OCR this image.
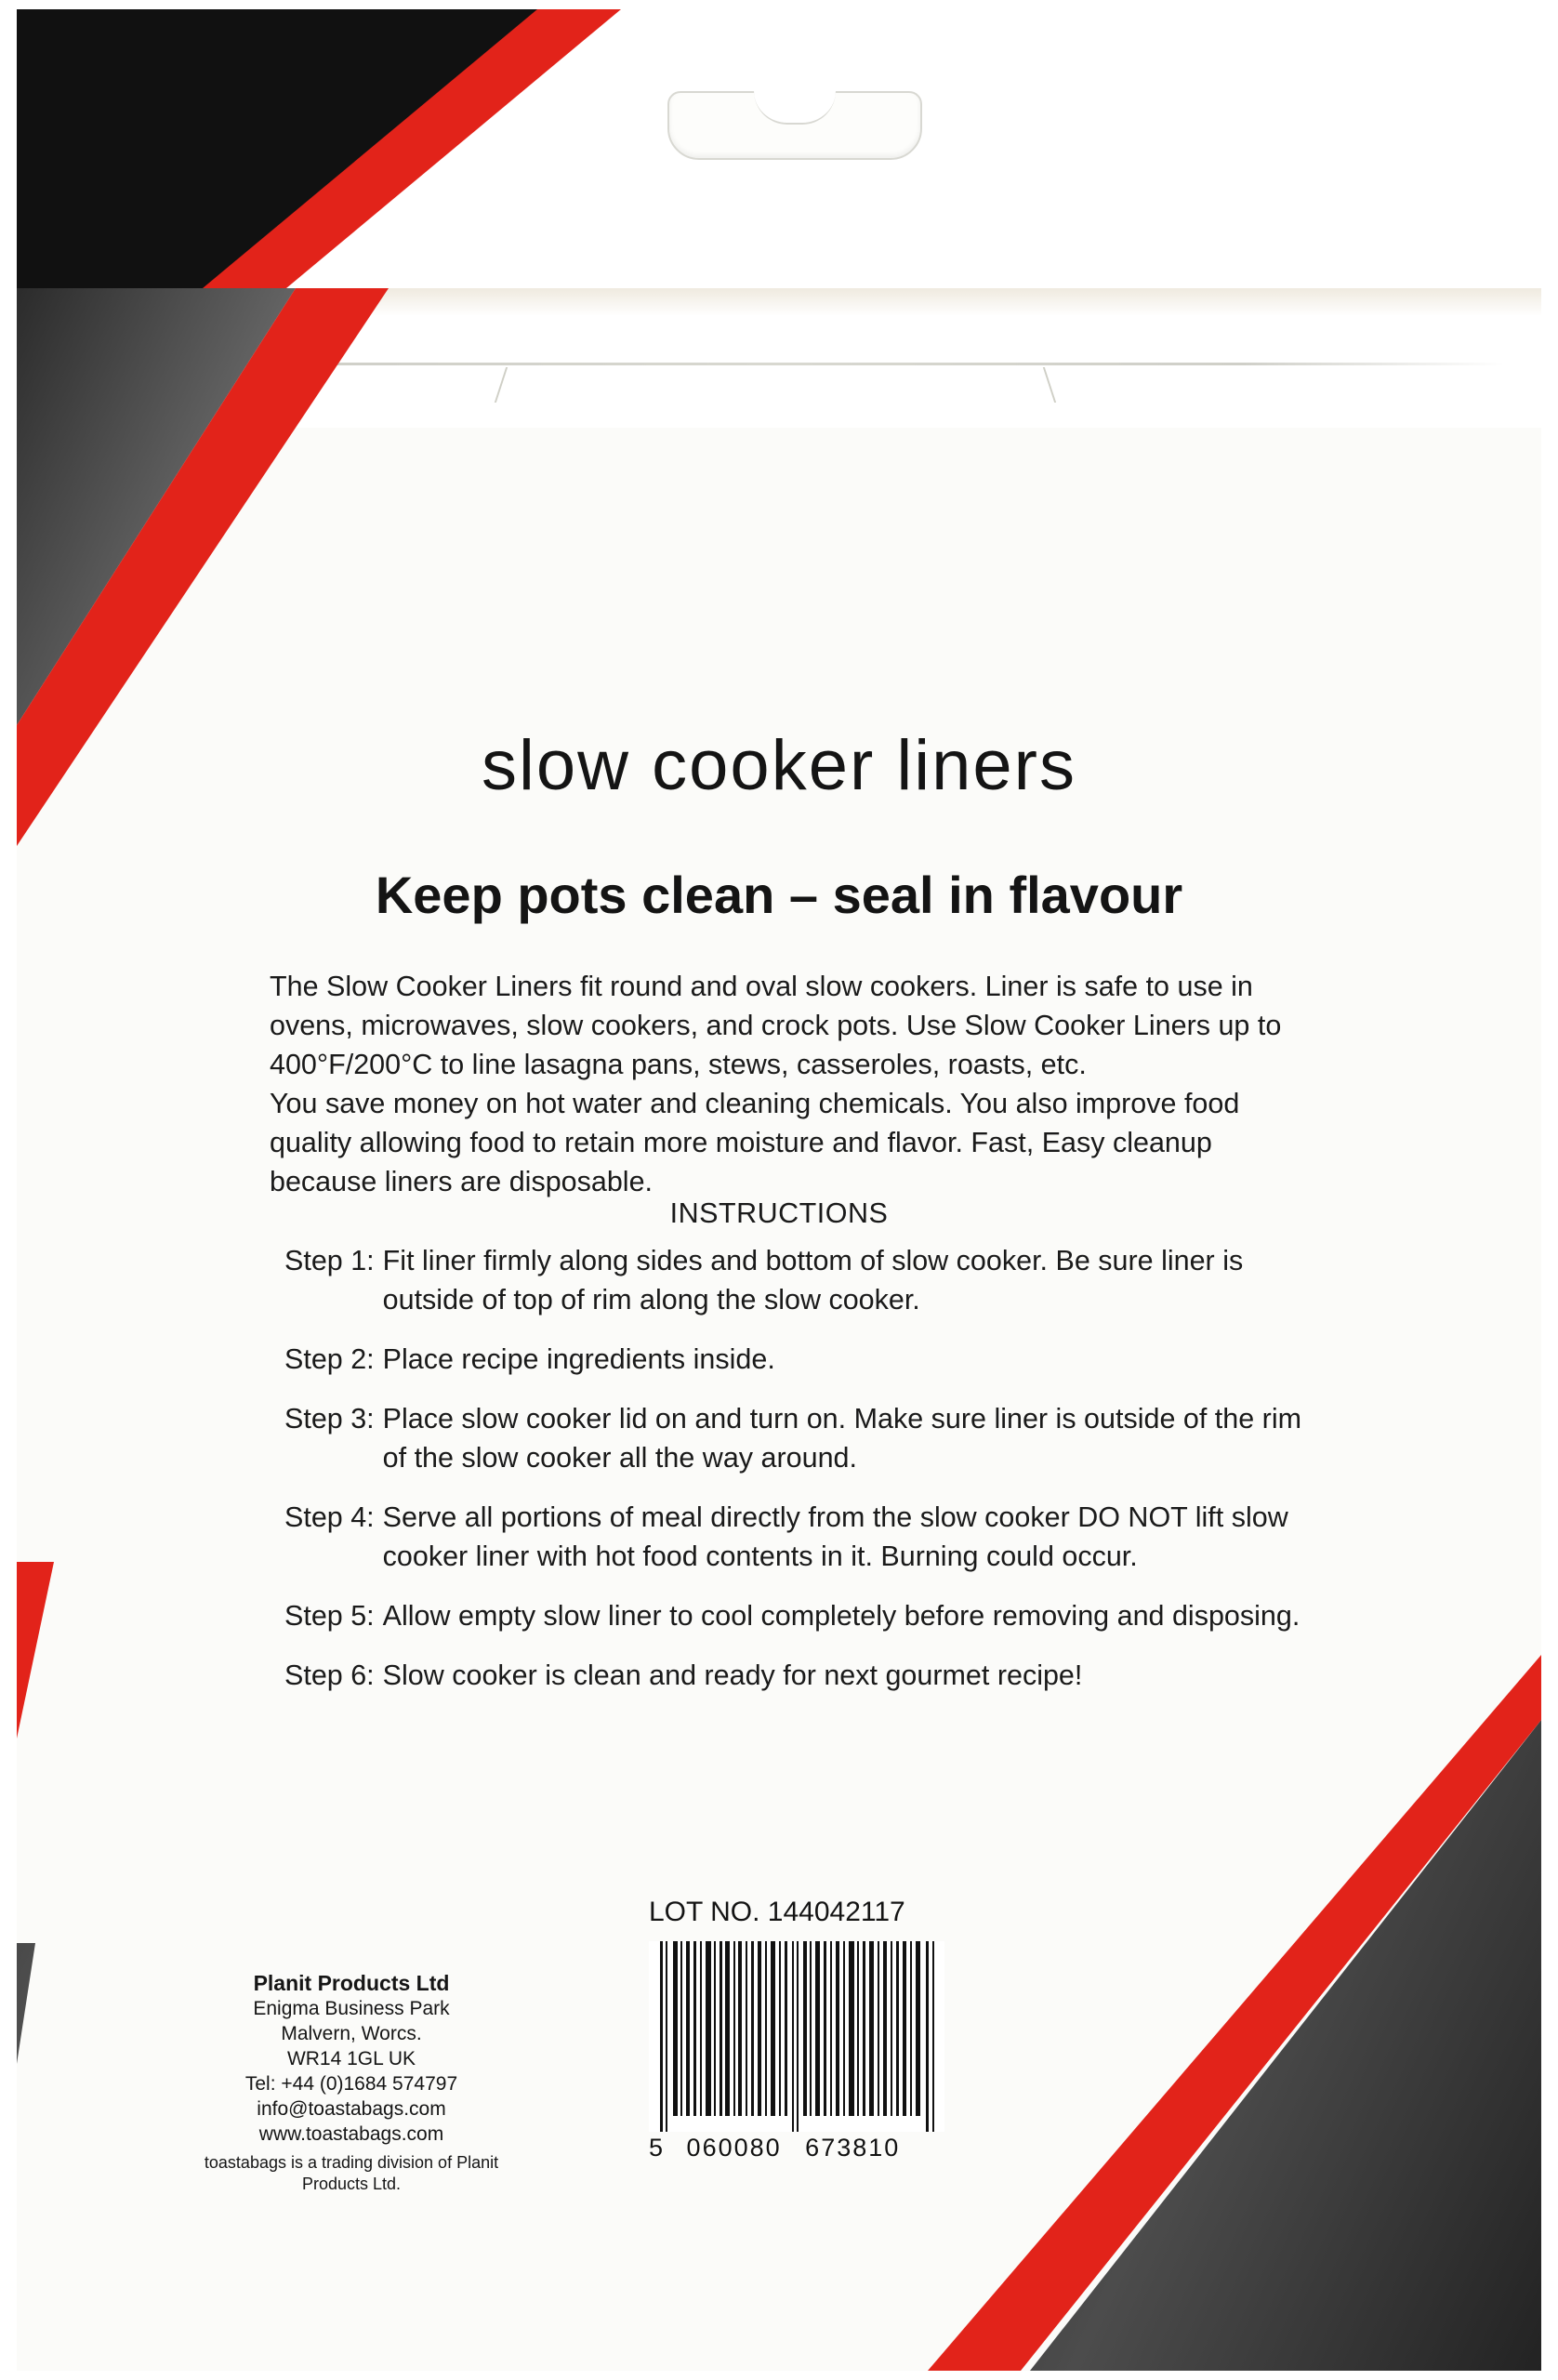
slow cooker liners
Keep pots clean – seal in flavour

The Slow Cooker Liners fit round and oval slow cookers. Liner is safe to use in ovens, microwaves, slow cookers, and crock pots. Use Slow Cooker Liners up to 400°F/200°C to line lasagna pans, stews, casseroles, roasts, etc.

You save money on hot water and cleaning chemicals. You also improve food quality allowing food to retain more moisture and flavor. Fast, Easy cleanup because liners are disposable.

INSTRUCTIONS
Step 1: Fit liner firmly along sides and bottom of slow cooker. Be sure liner is outside of top of rim along the slow cooker.
Step 2: Place recipe ingredients inside.
Step 3: Place slow cooker lid on and turn on. Make sure liner is outside of the rim of the slow cooker all the way around.
Step 4: Serve all portions of meal directly from the slow cooker DO NOT lift slow cooker liner with hot food contents in it. Burning could occur.
Step 5: Allow empty slow liner to cool completely before removing and disposing.
Step 6: Slow cooker is clean and ready for next gourmet recipe!
Planit Products Ltd
Enigma Business Park
Malvern, Worcs.
WR14 1GL UK
Tel: +44 (0)1684 574797
info@toastabags.com
www.toastabags.com
toastabags is a trading division of Planit Products Ltd.
LOT NO. 144042117
5 060080 673810
